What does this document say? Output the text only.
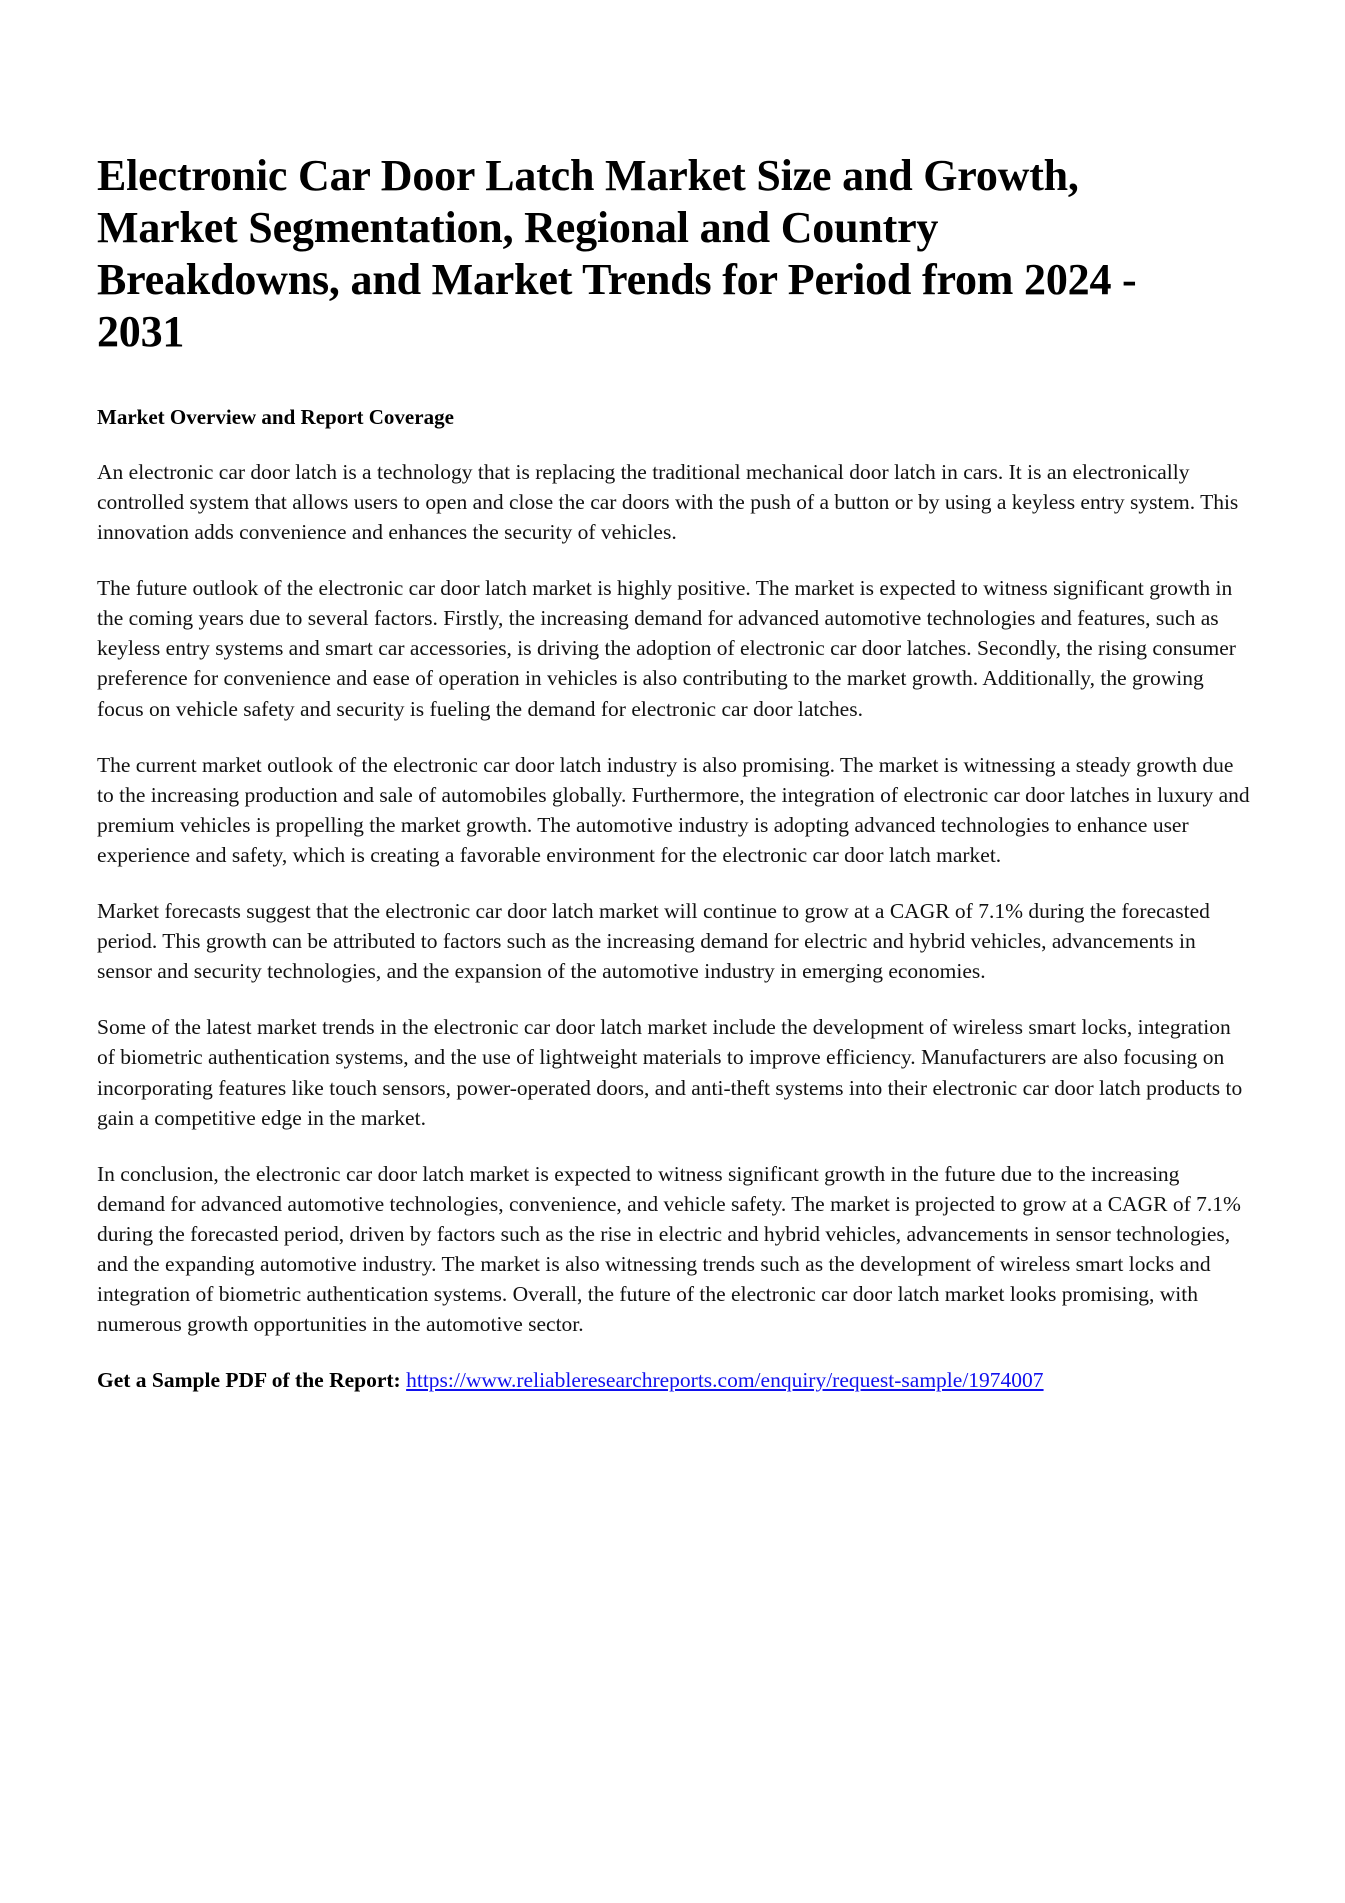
Electronic Car Door Latch Market Size and Growth, Market Segmentation, Regional and Country Breakdowns, and Market Trends for Period from 2024 - 2031
Market Overview and Report Coverage

An electronic car door latch is a technology that is replacing the traditional mechanical door latch in cars. It is an electronically controlled system that allows users to open and close the car doors with the push of a button or by using a keyless entry system. This innovation adds convenience and enhances the security of vehicles.

The future outlook of the electronic car door latch market is highly positive. The market is expected to witness significant growth in the coming years due to several factors. Firstly, the increasing demand for advanced automotive technologies and features, such as keyless entry systems and smart car accessories, is driving the adoption of electronic car door latches. Secondly, the rising consumer preference for convenience and ease of operation in vehicles is also contributing to the market growth. Additionally, the growing focus on vehicle safety and security is fueling the demand for electronic car door latches.

The current market outlook of the electronic car door latch industry is also promising. The market is witnessing a steady growth due to the increasing production and sale of automobiles globally. Furthermore, the integration of electronic car door latches in luxury and premium vehicles is propelling the market growth. The automotive industry is adopting advanced technologies to enhance user experience and safety, which is creating a favorable environment for the electronic car door latch market.

Market forecasts suggest that the electronic car door latch market will continue to grow at a CAGR of 7.1% during the forecasted period. This growth can be attributed to factors such as the increasing demand for electric and hybrid vehicles, advancements in sensor and security technologies, and the expansion of the automotive industry in emerging economies.

Some of the latest market trends in the electronic car door latch market include the development of wireless smart locks, integration of biometric authentication systems, and the use of lightweight materials to improve efficiency. Manufacturers are also focusing on incorporating features like touch sensors, power-operated doors, and anti-theft systems into their electronic car door latch products to gain a competitive edge in the market.

In conclusion, the electronic car door latch market is expected to witness significant growth in the future due to the increasing demand for advanced automotive technologies, convenience, and vehicle safety. The market is projected to grow at a CAGR of 7.1% during the forecasted period, driven by factors such as the rise in electric and hybrid vehicles, advancements in sensor technologies, and the expanding automotive industry. The market is also witnessing trends such as the development of wireless smart locks and integration of biometric authentication systems. Overall, the future of the electronic car door latch market looks promising, with numerous growth opportunities in the automotive sector.

Get a Sample PDF of the Report: https://www.reliableresearchreports.com/enquiry/request-sample/1974007
